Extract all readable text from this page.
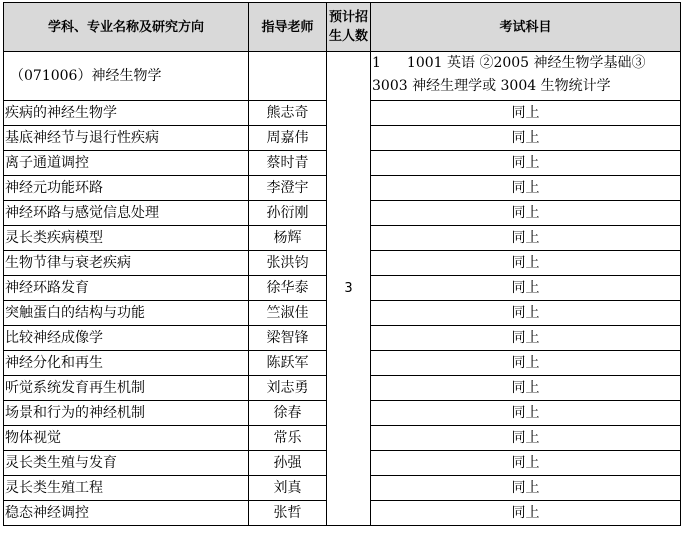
学科、专业名称及研究方向	指导老师	预计招生人数	考试科目
（071006）神经生物学		3	1 1001 英语 ②2005 神经生物学基础③ 3003 神经生理学或 3004 生物统计学
疾病的神经生物学	熊志奇		同上
基底神经节与退行性疾病	周嘉伟		同上
离子通道调控	蔡时青		同上
神经元功能环路	李澄宇		同上
神经环路与感觉信息处理	孙衍刚		同上
灵长类疾病模型	杨辉		同上
生物节律与衰老疾病	张洪钧		同上
神经环路发育	徐华泰		同上
突触蛋白的结构与功能	竺淑佳		同上
比较神经成像学	梁智锋		同上
神经分化和再生	陈跃军		同上
听觉系统发育再生机制	刘志勇		同上
场景和行为的神经机制	徐春		同上
物体视觉	常乐		同上
灵长类生殖与发育	孙强		同上
灵长类生殖工程	刘真		同上
稳态神经调控	张哲		同上
